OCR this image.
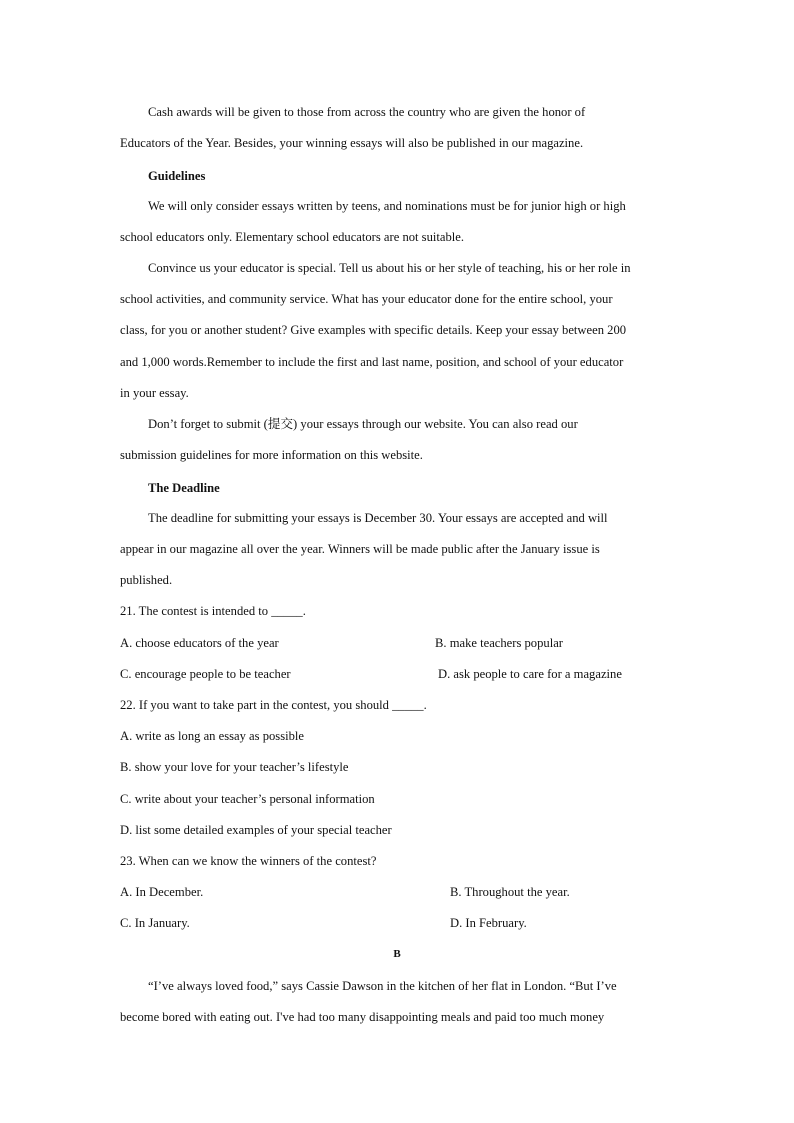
Cash awards will be given to those from across the country who are given the honor of
Educators of the Year. Besides, your winning essays will also be published in our magazine.
Guidelines
We will only consider essays written by teens, and nominations must be for junior high or high
school educators only. Elementary school educators are not suitable.
Convince us your educator is special. Tell us about his or her style of teaching, his or her role in
school activities, and community service. What has your educator done for the entire school, your
class, for you or another student? Give examples with specific details. Keep your essay between 200
and 1,000 words.Remember to include the first and last name, position, and school of your educator
in your essay.
Don’t forget to submit (提交) your essays through our website. You can also read our
submission guidelines for more information on this website.
The Deadline
The deadline for submitting your essays is December 30. Your essays are accepted and will
appear in our magazine all over the year. Winners will be made public after the January issue is
published.
21. The contest is intended to _____.
A. choose educators of the year	B. make teachers popular
C. encourage people to be teacher	D. ask people to care for a magazine
22. If you want to take part in the contest, you should _____.
A. write as long an essay as possible
B. show your love for your teacher’s lifestyle
C. write about your teacher’s personal information
D. list some detailed examples of your special teacher
23. When can we know the winners of the contest?
A. In December.	B. Throughout the year.
C. In January.	D. In February.
B
“I’ve always loved food,” says Cassie Dawson in the kitchen of her flat in London. “But I’ve
become bored with eating out. I've had too many disappointing meals and paid too much money
